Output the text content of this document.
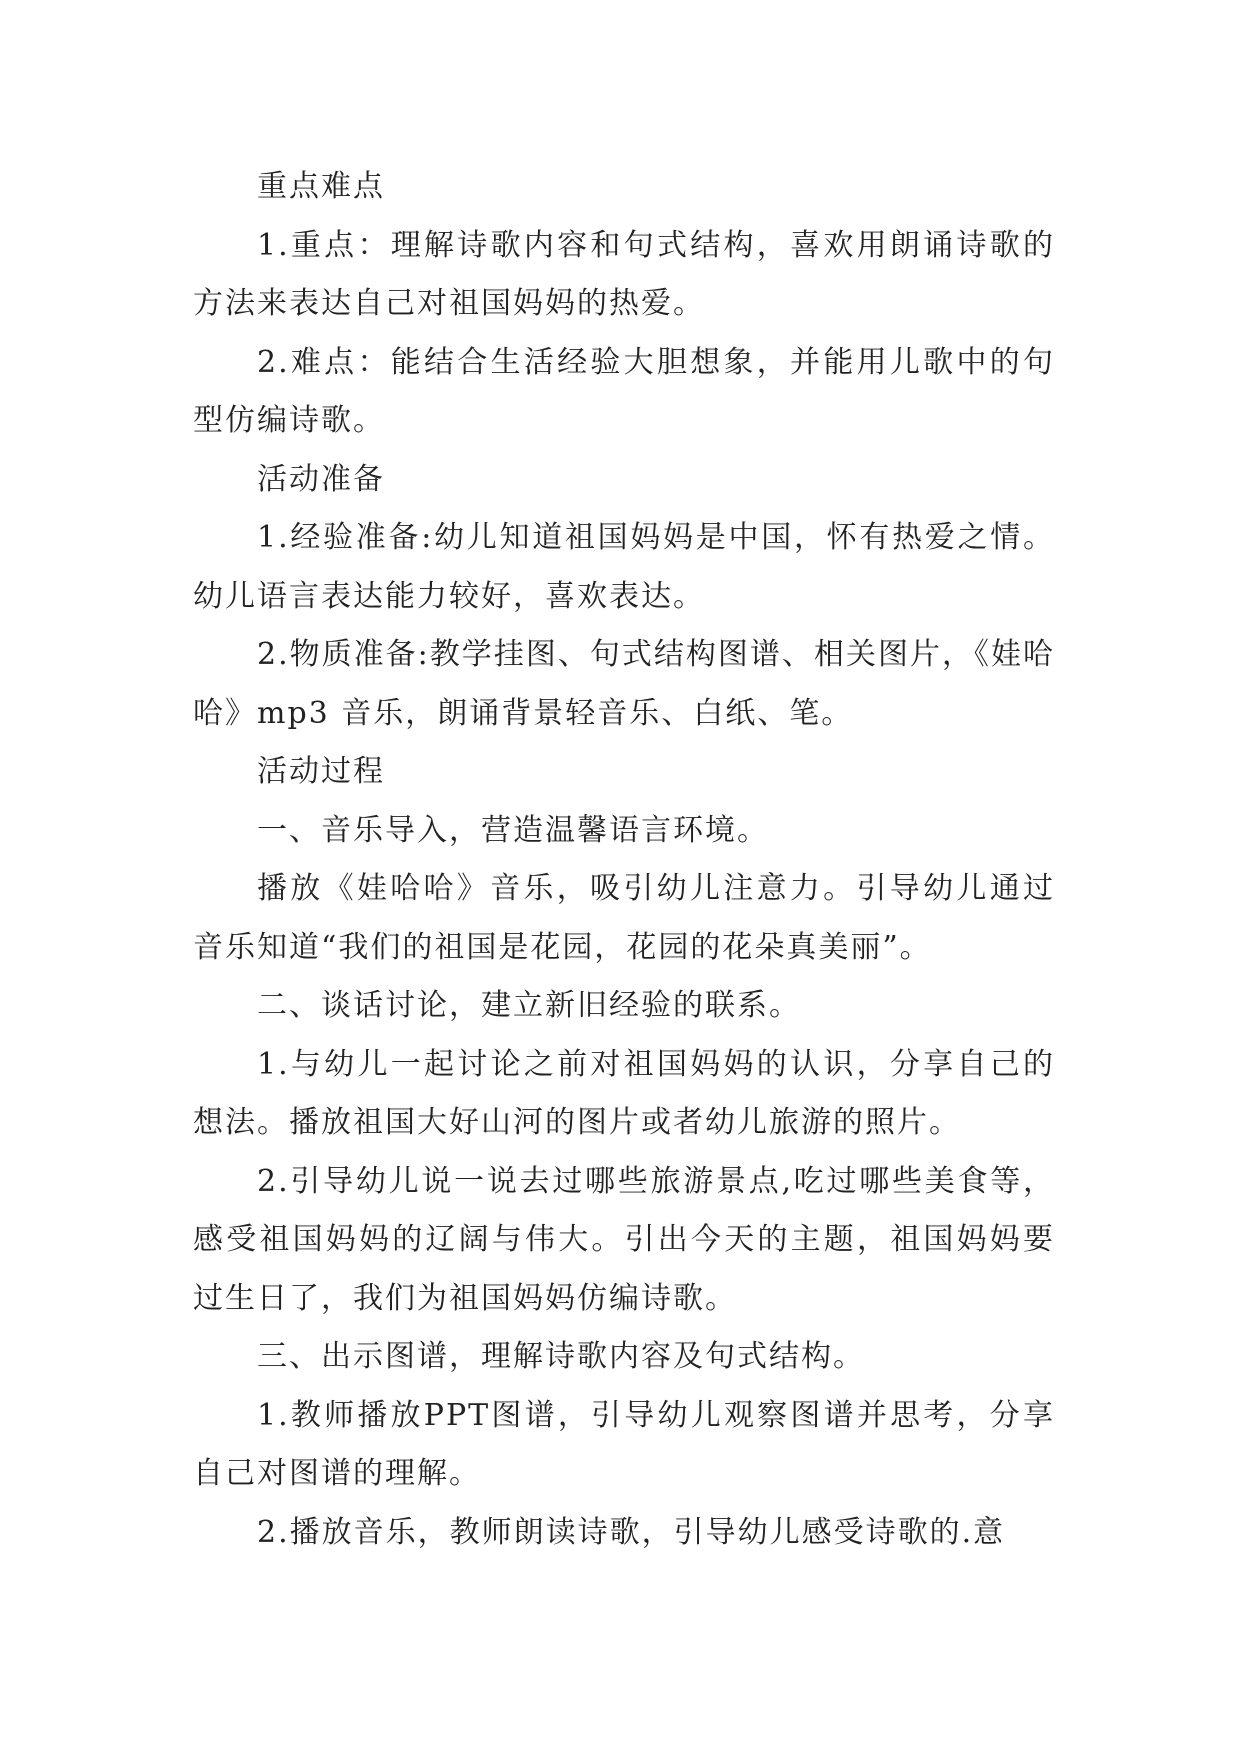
重点难点

1.重点：理解诗歌内容和句式结构，喜欢用朗诵诗歌的方法来表达自己对祖国妈妈的热爱。

2.难点：能结合生活经验大胆想象，并能用儿歌中的句型仿编诗歌。

活动准备

1.经验准备:幼儿知道祖国妈妈是中国，怀有热爱之情。幼儿语言表达能力较好，喜欢表达。

2.物质准备:教学挂图、句式结构图谱、相关图片，《娃哈哈》mp3 音乐，朗诵背景轻音乐、白纸、笔。

活动过程

一、音乐导入，营造温馨语言环境。

播放《娃哈哈》音乐，吸引幼儿注意力。引导幼儿通过音乐知道“我们的祖国是花园，花园的花朵真美丽”。

二、谈话讨论，建立新旧经验的联系。

1.与幼儿一起讨论之前对祖国妈妈的认识，分享自己的想法。播放祖国大好山河的图片或者幼儿旅游的照片。

2.引导幼儿说一说去过哪些旅游景点,吃过哪些美食等，感受祖国妈妈的辽阔与伟大。引出今天的主题，祖国妈妈要过生日了，我们为祖国妈妈仿编诗歌。

三、出示图谱，理解诗歌内容及句式结构。

1.教师播放PPT图谱，引导幼儿观察图谱并思考，分享自己对图谱的理解。

2.播放音乐，教师朗读诗歌，引导幼儿感受诗歌的.意
